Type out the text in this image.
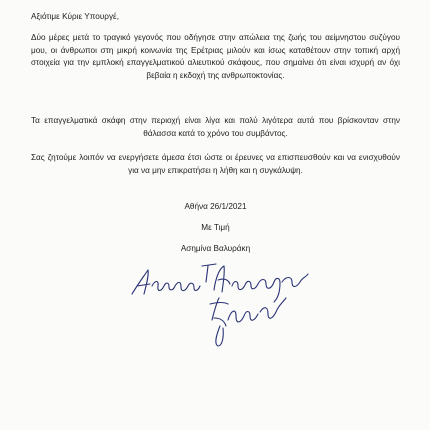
Αξιότιμε Κύριε Υπουργέ,
Δύο μέρες μετά το τραγικό γεγονός που οδήγησε στην απώλεια της ζωής του αείμνηστου συζύγου μου, οι άνθρωποι στη μικρή κοινωνία της Ερέτριας μιλούν και ίσως καταθέτουν στην τοπική αρχή στοιχεία για την εμπλοκή επαγγελματικού αλιευτικού σκάφους, που σημαίνει ότι είναι ισχυρή αν όχι βεβαία η εκδοχή της ανθρωποκτονίας.
Τα επαγγελματικά σκάφη στην περιοχή είναι λίγα και πολύ λιγότερα αυτά που βρίσκονταν στην θάλασσα κατά το χρόνο του συμβάντος.
Σας ζητούμε λοιπόν να ενεργήσετε άμεσα έτσι ώστε οι έρευνες να επισπευσθούν και να ενισχυθούν για να μην επικρατήσει η λήθη και η συγκάλυψη.
Αθήνα 26/1/2021
Με Τιμή
Ασημίνα Βαλυράκη
